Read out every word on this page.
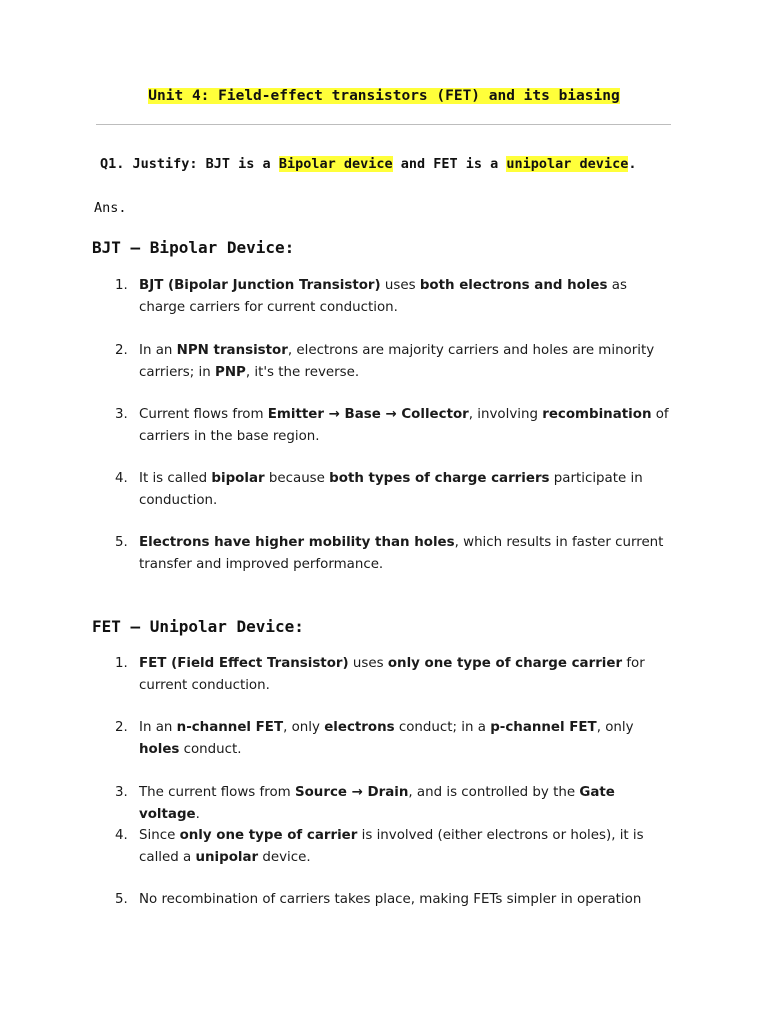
Unit 4: Field-effect transistors (FET) and its biasing
Q1. Justify: BJT is a Bipolar device and FET is a unipolar device.
Ans.
BJT – Bipolar Device:
1. BJT (Bipolar Junction Transistor) uses both electrons and holes as charge carriers for current conduction.
2. In an NPN transistor, electrons are majority carriers and holes are minority carriers; in PNP, it's the reverse.
3. Current flows from Emitter → Base → Collector, involving recombination of carriers in the base region.
4. It is called bipolar because both types of charge carriers participate in conduction.
5. Electrons have higher mobility than holes, which results in faster current transfer and improved performance.
FET – Unipolar Device:
1. FET (Field Effect Transistor) uses only one type of charge carrier for current conduction.
2. In an n-channel FET, only electrons conduct; in a p-channel FET, only holes conduct.
3. The current flows from Source → Drain, and is controlled by the Gate voltage.
4. Since only one type of carrier is involved (either electrons or holes), it is called a unipolar device.
5. No recombination of carriers takes place, making FETs simpler in operation
